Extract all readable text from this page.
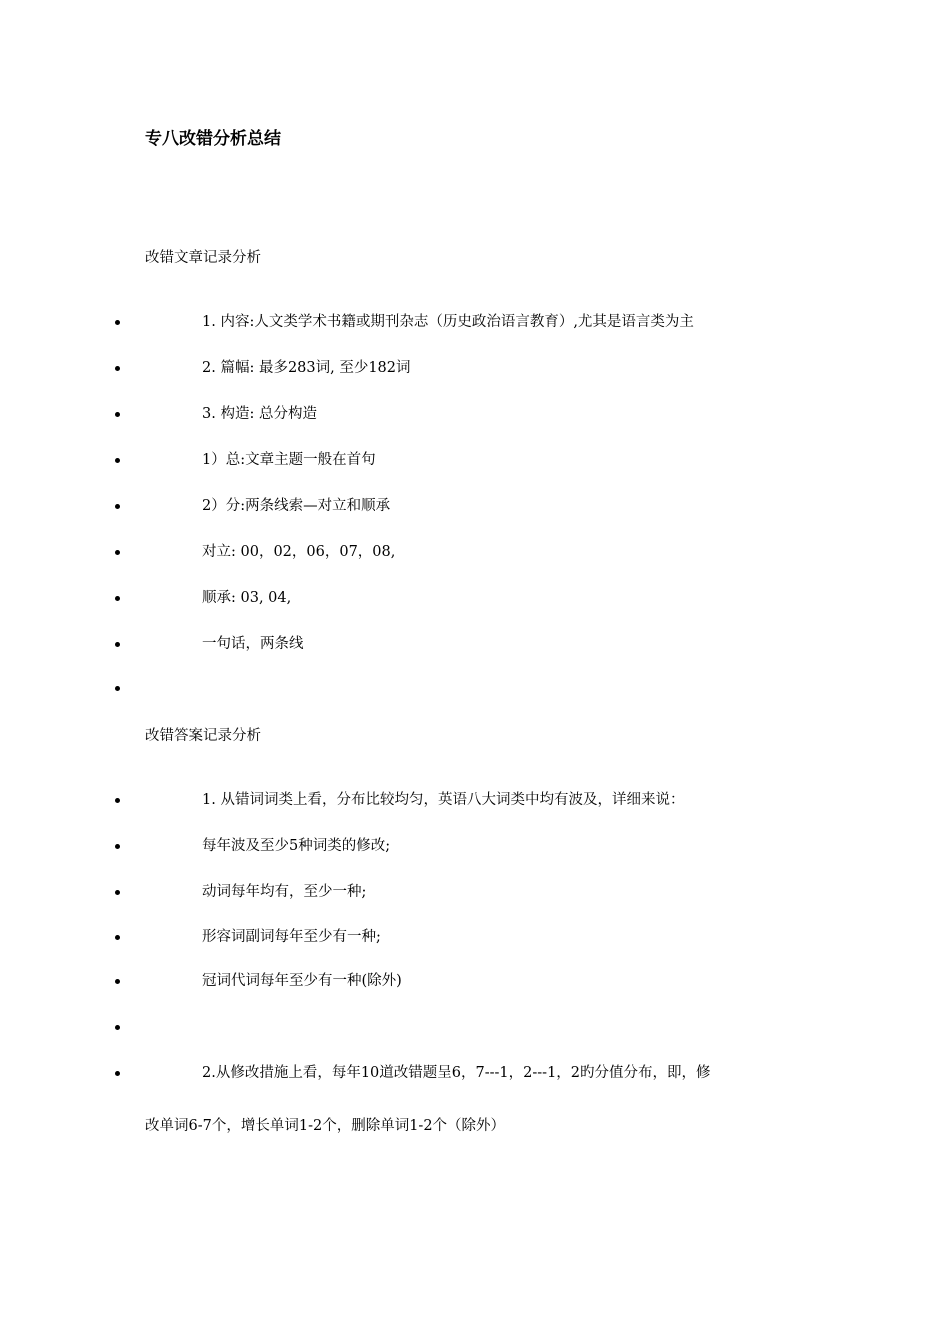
专八改错分析总结
改错文章记录分析
1. 内容:人文类学术书籍或期刊杂志（历史政治语言教育）,尤其是语言类为主
2. 篇幅: 最多283词, 至少182词
3. 构造: 总分构造
1）总:文章主题一般在首句
2）分:两条线索—对立和顺承
对立: 00，02，06，07，08,
顺承: 03, 04,
一句话，两条线
改错答案记录分析
1. 从错词词类上看，分布比较均匀，英语八大词类中均有波及，详细来说：
每年波及至少5种词类的修改;
动词每年均有，至少一种;
形容词副词每年至少有一种;
冠词代词每年至少有一种(除外)
2.从修改措施上看，每年10道改错题呈6，7---1，2---1，2旳分值分布，即，修
改单词6-7个，增长单词1-2个，删除单词1-2个（除外）
